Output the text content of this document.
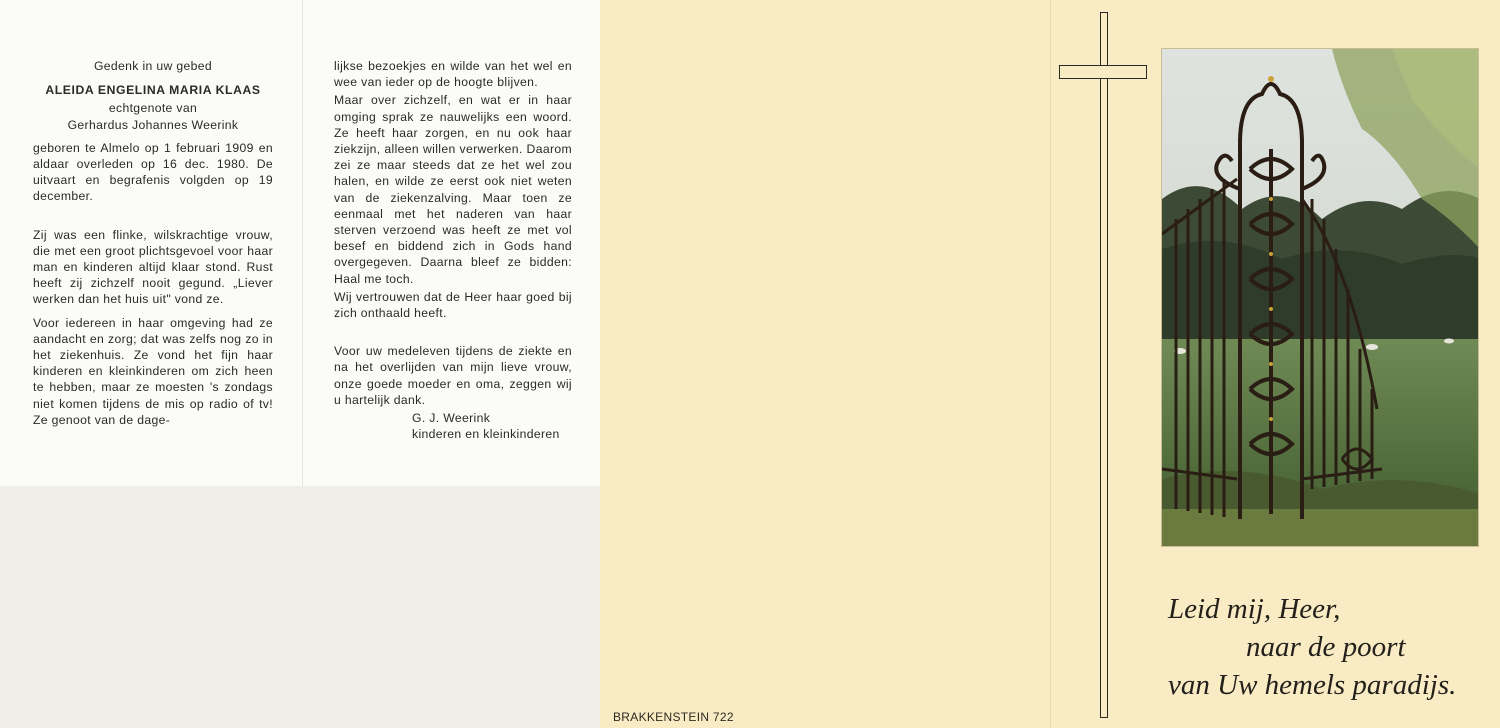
Gedenk in uw gebed
ALEIDA ENGELINA MARIA KLAAS
echtgenote van
Gerhardus Johannes Weerink
geboren te Almelo op 1 februari 1909 en aldaar overleden op 16 dec. 1980. De uitvaart en begrafenis volgden op 19 december.
Zij was een flinke, wilskrachtige vrouw, die met een groot plichtsgevoel voor haar man en kinderen altijd klaar stond. Rust heeft zij zichzelf nooit gegund. „Liever werken dan het huis uit" vond ze.
Voor iedereen in haar omgeving had ze aandacht en zorg; dat was zelfs nog zo in het ziekenhuis. Ze vond het fijn haar kinderen en kleinkinderen om zich heen te hebben, maar ze moesten 's zondags niet komen tijdens de mis op radio of tv! Ze genoot van de dage-
lijkse bezoekjes en wilde van het wel en wee van ieder op de hoogte blijven.
Maar over zichzelf, en wat er in haar omging sprak ze nauwelijks een woord. Ze heeft haar zorgen, en nu ook haar ziekzijn, alleen willen verwerken. Daarom zei ze maar steeds dat ze het wel zou halen, en wilde ze eerst ook niet weten van de ziekenzalving. Maar toen ze eenmaal met het naderen van haar sterven verzoend was heeft ze met vol besef en biddend zich in Gods hand overgegeven. Daarna bleef ze bidden: Haal me toch.
Wij vertrouwen dat de Heer haar goed bij zich onthaald heeft.
Voor uw medeleven tijdens de ziekte en na het overlijden van mijn lieve vrouw, onze goede moeder en oma, zeggen wij u hartelijk dank.
G. J. Weerink
kinderen en kleinkinderen
BRAKKENSTEIN 722
Leid mij, Heer,
naar de poort
van Uw hemels paradijs.
